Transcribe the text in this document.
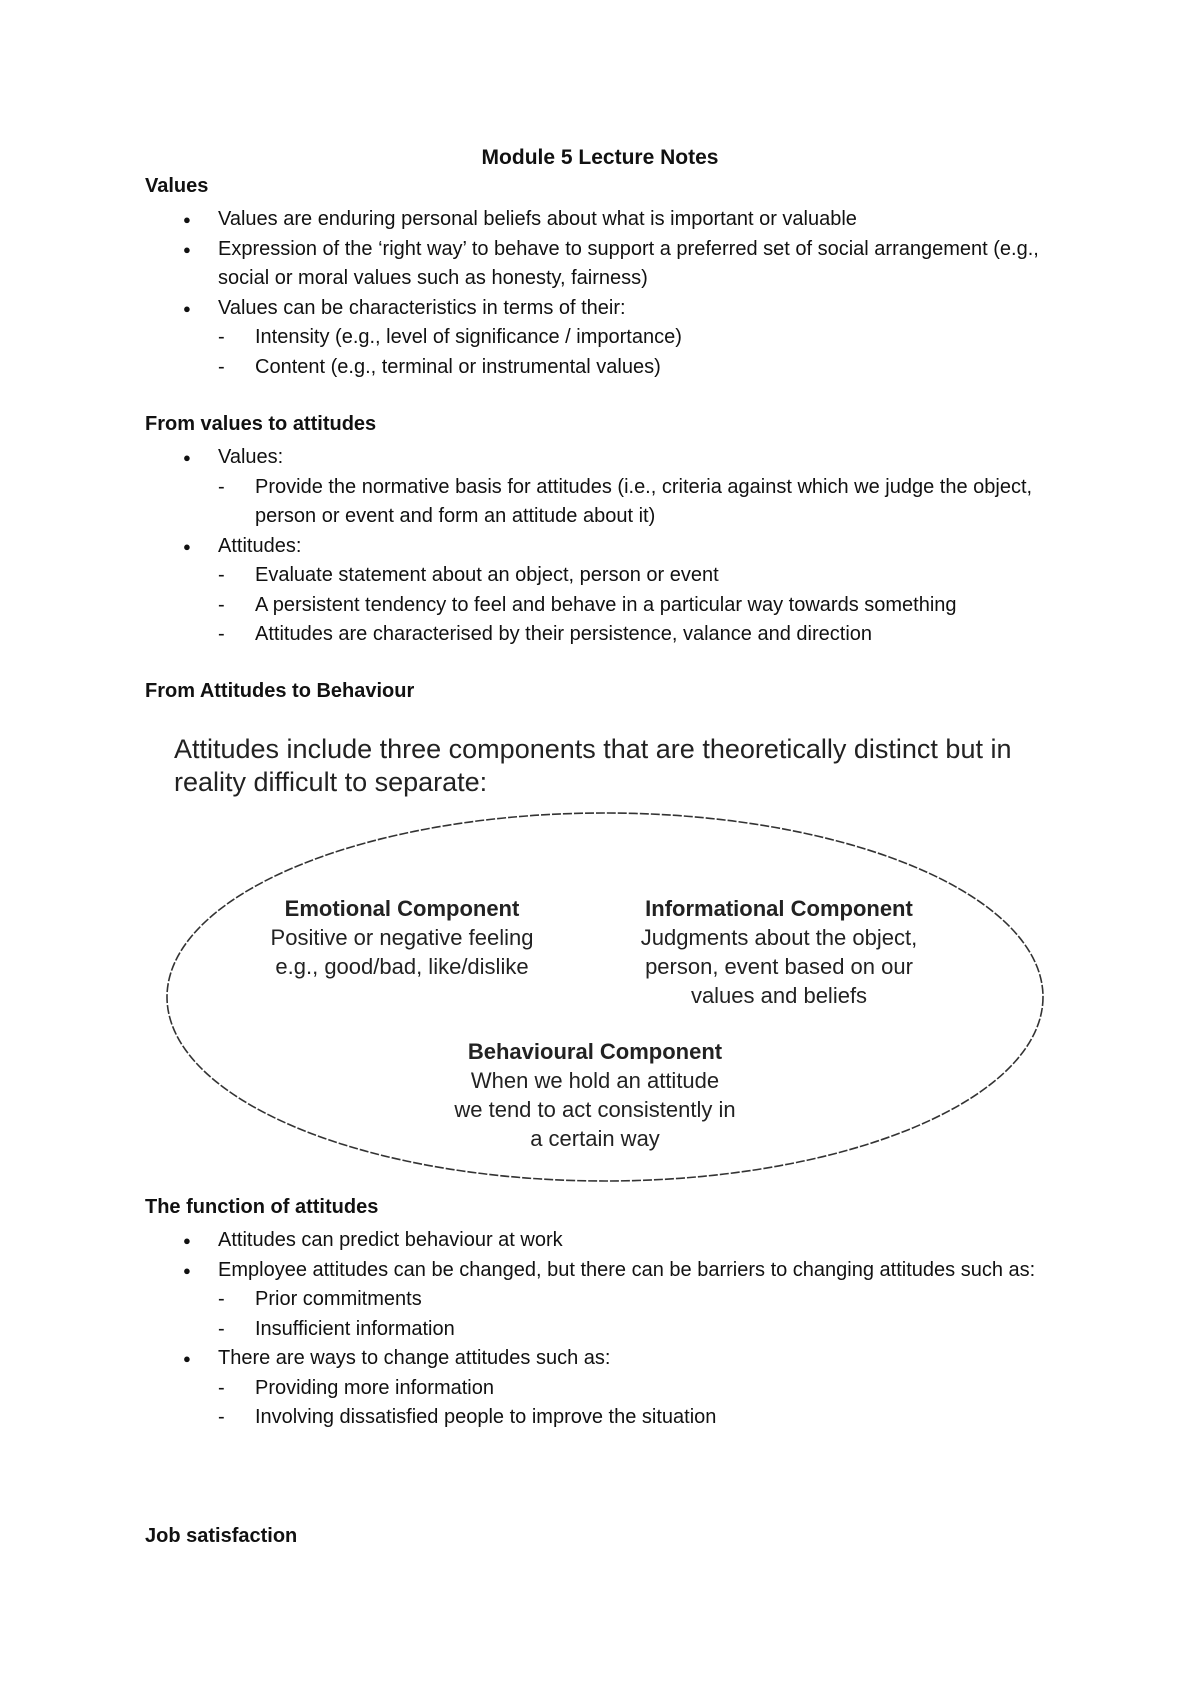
Module 5 Lecture Notes
Values
● Values are enduring personal beliefs about what is important or valuable
● Expression of the ‘right way’ to behave to support a preferred set of social arrangement (e.g., social or moral values such as honesty, fairness)
● Values can be characteristics in terms of their:
- Intensity (e.g., level of significance / importance)
- Content (e.g., terminal or instrumental values)
From values to attitudes
● Values:
- Provide the normative basis for attitudes (i.e., criteria against which we judge the object, person or event and form an attitude about it)
● Attitudes:
- Evaluate statement about an object, person or event
- A persistent tendency to feel and behave in a particular way towards something
- Attitudes are characterised by their persistence, valance and direction
From Attitudes to Behaviour
Attitudes include three components that are theoretically distinct but in reality difficult to separate:
Emotional Component
Positive or negative feeling
e.g., good/bad, like/dislike
Informational Component
Judgments about the object,
person, event based on our
values and beliefs
Behavioural Component
When we hold an attitude
we tend to act consistently in
a certain way
The function of attitudes
● Attitudes can predict behaviour at work
● Employee attitudes can be changed, but there can be barriers to changing attitudes such as:
- Prior commitments
- Insufficient information
● There are ways to change attitudes such as:
- Providing more information
- Involving dissatisfied people to improve the situation
Job satisfaction
